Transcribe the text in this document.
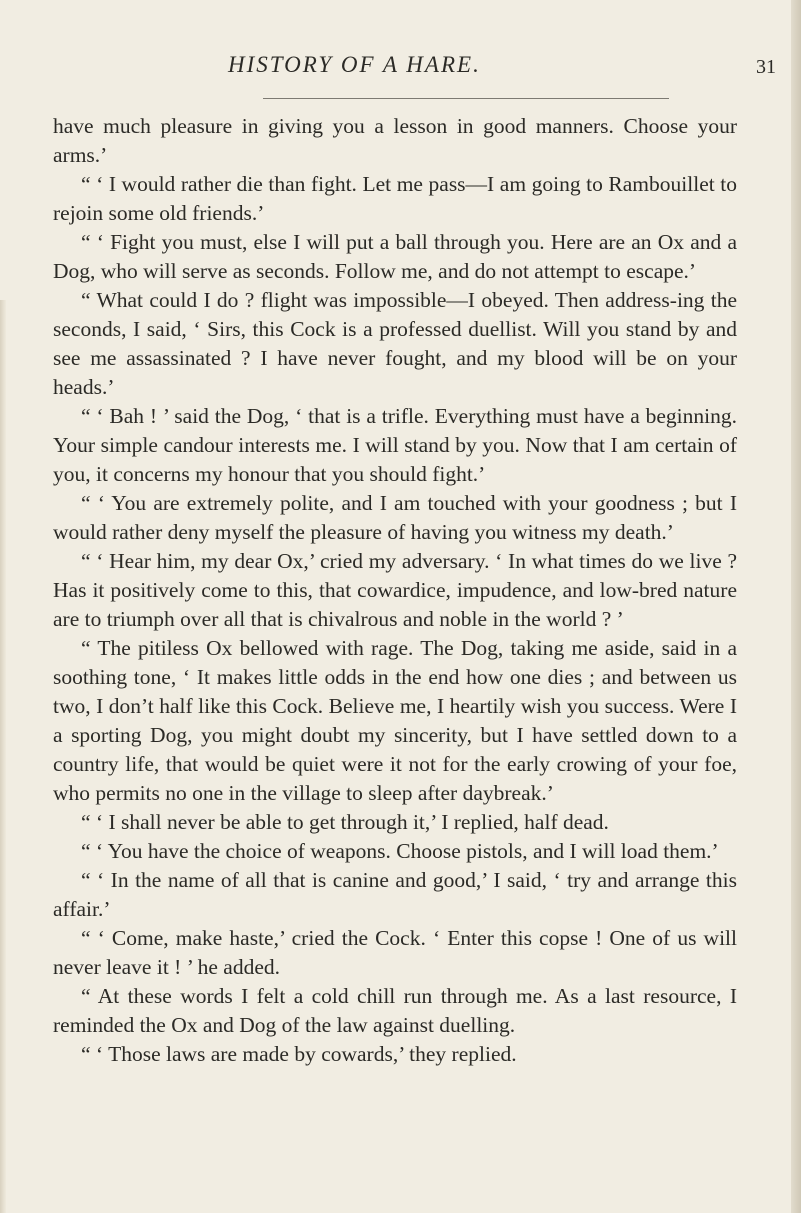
HISTORY OF A HARE.	31

have much pleasure in giving you a lesson in good manners. Choose your arms.’

“ ‘ I would rather die than fight. Let me pass—I am going to Rambouillet to rejoin some old friends.’

“ ‘ Fight you must, else I will put a ball through you. Here are an Ox and a Dog, who will serve as seconds. Follow me, and do not attempt to escape.’

“ What could I do ? flight was impossible—I obeyed. Then address-ing the seconds, I said, ‘ Sirs, this Cock is a professed duellist. Will you stand by and see me assassinated ? I have never fought, and my blood will be on your heads.’

“ ‘ Bah ! ’ said the Dog, ‘ that is a trifle. Everything must have a beginning. Your simple candour interests me. I will stand by you. Now that I am certain of you, it concerns my honour that you should fight.’

“ ‘ You are extremely polite, and I am touched with your goodness ; but I would rather deny myself the pleasure of having you witness my death.’

“ ‘ Hear him, my dear Ox,’ cried my adversary. ‘ In what times do we live ? Has it positively come to this, that cowardice, impudence, and low-bred nature are to triumph over all that is chivalrous and noble in the world ? ’

“ The pitiless Ox bellowed with rage. The Dog, taking me aside, said in a soothing tone, ‘ It makes little odds in the end how one dies ; and between us two, I don’t half like this Cock. Believe me, I heartily wish you success. Were I a sporting Dog, you might doubt my sincerity, but I have settled down to a country life, that would be quiet were it not for the early crowing of your foe, who permits no one in the village to sleep after daybreak.’

“ ‘ I shall never be able to get through it,’ I replied, half dead.

“ ‘ You have the choice of weapons. Choose pistols, and I will load them.’

“ ‘ In the name of all that is canine and good,’ I said, ‘ try and arrange this affair.’

“ ‘ Come, make haste,’ cried the Cock. ‘ Enter this copse ! One of us will never leave it ! ’ he added.

“ At these words I felt a cold chill run through me. As a last resource, I reminded the Ox and Dog of the law against duelling.

“ ‘ Those laws are made by cowards,’ they replied.
